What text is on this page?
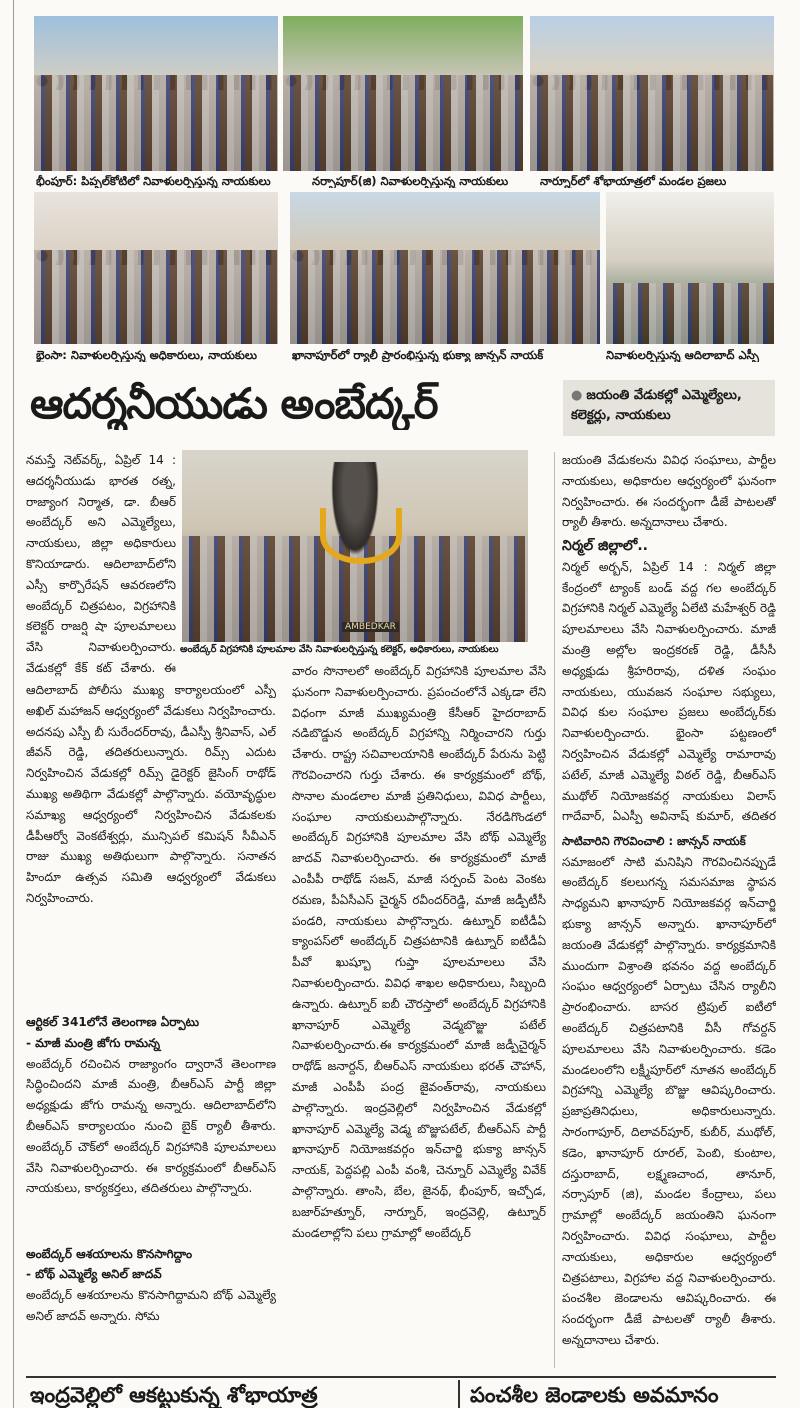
భీంపూర్‌: పిప్పల్‌కోటిలో నివాళులర్పిస్తున్న నాయకులు	నర్సాపూర్‌(జి) నివాళులర్పిస్తున్న నాయకులు	నార్నూర్‌లో శోభాయాత్రలో మండల ప్రజలు
భైంసా: నివాళులర్పిస్తున్న అధికారులు, నాయకులు	ఖానాపూర్‌లో ర్యాలీ ప్రారంభిస్తున్న భుక్యా జాన్సన్‌ నాయక్‌	నివాళులర్పిస్తున్న ఆదిలాబాద్‌ ఎస్పీ
ఆదర్శనీయుడు అంబేద్కర్‌	● జయంతి వేడుకల్లో ఎమ్మెల్యేలు,
కలెక్టర్లు, నాయకులు
AMBEDKAR
అంబేద్కర్‌ విగ్రహానికి పూలమాల వేసి నివాళులర్పిస్తున్న కలెక్టర్‌, అధికారులు, నాయకులు

నమస్తే నెట్‌వర్క్‌, ఏప్రిల్‌ 14 : ఆదర్శనీయుడు భారత రత్న, రాజ్యాంగ నిర్మాత, డా. బీఆర్‌ అంబేద్కర్‌ అని ఎమ్మెల్యేలు, నాయకులు, జిల్లా అధికారులు కొనియాడారు. ఆదిలాబాద్‌లోని ఎస్సీ కార్పొరేషన్‌ ఆవరణలోని అంబేద్కర్‌ చిత్రపటం, విగ్రహానికి కలెక్టర్‌ రాజర్షి షా పూలమాలలు వేసి నివాళులర్పించారు. వేడుకల్లో కేక్‌ కట్‌ చేశారు. ఈ

ఆదిలాబాద్‌ పోలీసు ముఖ్య కార్యాలయంలో ఎస్పీ అఖిల్‌ మహాజన్‌ ఆధ్వర్యంలో వేడుకలు నిర్వహించారు. అదనపు ఎస్పీ బీ సురేందర్‌రావు, డీఎస్పీ శ్రీనివాస్‌, ఎల్‌ జీవన్‌ రెడ్డి, తదితరులున్నారు. రిమ్స్‌ ఎదుట నిర్వహించిన వేడుకల్లో రిమ్స్‌ డైరెక్టర్‌ జైసింగ్‌ రాథోడ్‌ ముఖ్య అతిథిగా వేడుకల్లో పాల్గొన్నారు. వయోవృద్ధుల సమాఖ్య ఆధ్వర్యంలో నిర్వహించిన వేడుకలకు డీపీఆర్వో వెంకటేశ్వర్లు, మున్సిపల్‌ కమిషన్‌ సీవీఎన్‌ రాజు ముఖ్య అతిథులుగా పాల్గొన్నారు. సనాతన హిందూ ఉత్సవ సమితి ఆధ్వర్యంలో వేడుకలు నిర్వహించారు.

ఆర్టికల్‌ 341లోనే తెలంగాణ ఏర్పాటు

- మాజీ మంత్రి జోగు రామన్న

అంబేద్కర్‌ రచించిన రాజ్యాంగం ద్వారానే తెలంగాణ సిద్ధించిందని మాజీ మంత్రి, బీఆర్‌ఎస్‌ పార్టీ జిల్లా అధ్యక్షుడు జోగు రామన్న అన్నారు. ఆదిలాబాద్‌లోని బీఆర్‌ఎస్‌ కార్యాలయం నుంచి బైక్‌ ర్యాలీ తీశారు. అంబేద్కర్‌ చౌక్‌లో అంబేద్కర్‌ విగ్రహానికి పూలమాలలు వేసి నివాళులర్పించారు. ఈ కార్యక్రమంలో బీఆర్‌ఎస్‌ నాయకులు, కార్యకర్తలు, తదితరులు పాల్గొన్నారు.

అంబేద్కర్‌ ఆశయాలను కొనసాగిద్దాం

- బోథ్‌ ఎమ్మెల్యే అనిల్‌ జాదవ్‌

అంబేద్కర్‌ ఆశయాలను కొనసాగిద్దామని బోథ్‌ ఎమ్మెల్యే అనిల్‌ జాదవ్‌ అన్నారు. సోమ

వారం సొనాలలో అంబేద్కర్‌ విగ్రహానికి పూలమాల వేసి ఘనంగా నివాళులర్పించారు. ప్రపంచంలోనే ఎక్కడా లేని విధంగా మాజీ ముఖ్యమంత్రి కేసీఆర్‌ హైదరాబాద్‌ నడిబొడ్డున అంబేద్కర్‌ విగ్రహాన్ని నిర్మించారని గుర్తు చేశారు. రాష్ట్ర సచివాలయానికి అంబేద్కర్‌ పేరును పెట్టి గౌరవించారని గుర్తు చేశారు. ఈ కార్యక్రమంలో బోథ్‌, సొనాల మండలాల మాజీ ప్రతినిధులు, వివిధ పార్టీలు, సంఘాల నాయకులుపాల్గొన్నారు. నేరడిగొండలో అంబేద్కర్‌ విగ్రహానికి పూలమాల వేసి బోథ్‌ ఎమ్మెల్యే జాదవ్‌ నివాళులర్పించారు. ఈ కార్యక్రమంలో మాజీ ఎంపీపీ రాథోడ్‌ సజన్‌, మాజీ సర్పంచ్‌ పెంట వెంకట రమణ, పీఏసీఎస్‌ చైర్మన్‌ రవీందర్‌రెడ్డి, మాజీ జడ్పీటీసీ పండరి, నాయకులు పాల్గొన్నారు. ఉట్నూర్‌ ఐటీడీఏ క్యాంపస్‌లో అంబేద్కర్‌ చిత్రపటానికి ఉట్నూర్‌ ఐటీడీఏ పీవో ఖుష్బూ గుప్తా పూలమాలలు వేసి నివాళులర్పించారు. వివిధ శాఖల అధికారులు, సిబ్బంది ఉన్నారు. ఉట్నూర్‌ ఐబీ చౌరస్తాలో అంబేద్కర్‌ విగ్రహానికి ఖానాపూర్‌ ఎమ్మెల్యే వెడ్మబొజ్జు పటేల్‌ నివాళులర్పించారు.ఈ కార్యక్రమంలో మాజీ జడ్పీచైర్మన్‌ రాథోడ్‌ జనార్దన్‌, బీఆర్‌ఎస్‌ నాయకులు భరత్‌ చౌహాన్‌, మాజీ ఎంపీపీ పంద్ర జైవంత్‌రావు, నాయకులు పాల్గొన్నారు. ఇంద్రవెల్లిలో నిర్వహించిన వేడుకల్లో ఖానాపూర్‌ ఎమ్మెల్యే వెడ్మ బొజ్జుపటేల్‌, బీఆర్‌ఎస్‌ పార్టీ ఖానాపూర్‌ నియోజకవర్గం ఇన్‌చార్జి భుక్యా జాన్సన్‌ నాయక్‌, పెద్దపల్లి ఎంపీ వంశీ, చెన్నూర్‌ ఎమ్మెల్యే వివేక్‌ పాల్గొన్నారు. తాంసి, బేల, జైనథ్‌, భీంపూర్‌, ఇచ్చోడ, బజార్‌హత్నూర్‌, నార్నూర్‌, ఇంద్రవెల్లి, ఉట్నూర్‌ మండలాల్లోని పలు గ్రామాల్లో అంబేద్కర్‌

జయంతి వేడుకలను వివిధ సంఘాలు, పార్టీల నాయకులు, అధికారుల ఆధ్వర్యంలో ఘనంగా నిర్వహించారు. ఈ సందర్భంగా డీజే పాటలతో ర్యాలీ తీశారు. అన్నదానాలు చేశారు.

నిర్మల్‌ జిల్లాలో..

నిర్మల్‌ అర్బన్‌, ఏప్రిల్‌ 14 : నిర్మల్‌ జిల్లా కేంద్రంలో ట్యాంక్‌ బండ్‌ వద్ద గల అంబేద్కర్‌ విగ్రహానికి నిర్మల్‌ ఎమ్మెల్యే ఏలేటి మహేశ్వర్‌ రెడ్డి పూలమాలలు వేసి నివాళులర్పించారు. మాజీ మంత్రి అల్లోల ఇంద్రకరణ్‌ రెడ్డి, డీసీసీ అధ్యక్షుడు శ్రీహరిరావు, దళిత సంఘం నాయకులు, యువజన సంఘాల సభ్యులు, వివిధ కుల సంఘాల ప్రజలు అంబేద్కర్‌కు నివాళులర్పించారు. భైంసా పట్టణంలో నిర్వహించిన వేడుకల్లో ఎమ్మెల్యే రామారావు పటేల్‌, మాజీ ఎమ్మెల్యే విఠల్‌ రెడ్డి, బీఆర్‌ఎస్‌ ముథోల్‌ నియోజకవర్గ నాయకులు విలాస్‌ గాదేవార్‌, ఏఎస్పీ అవినాష్‌ కుమార్‌, తదితర

సాటివారిని గౌరవించాలి : జాన్సన్‌ నాయక్‌

సమాజంలో సాటి మనిషిని గౌరవించినప్పుడే అంబేద్కర్‌ కలలుగన్న సమసమాజ స్థాపన సాధ్యమని ఖానాపూర్‌ నియోజకవర్గ ఇన్‌చార్జి భుక్యా జాన్సన్‌ అన్నారు. ఖానాపూర్‌లో జయంతి వేడుకల్లో పాల్గొన్నారు. కార్యక్రమానికి ముందుగా విశ్రాంతి భవనం వద్ద అంబేద్కర్‌ సంఘం ఆధ్వర్యంలో ఏర్పాటు చేసిన ర్యాలీని ప్రారంభించారు. బాసర ట్రిపుల్‌ ఐటీలో అంబేద్కర్‌ చిత్రపటానికి వీసీ గోవర్దన్‌ పూలమాలలు వేసి నివాళులర్పించారు. కడెం మండలంలోని లక్ష్మీపూర్‌లో నూతన అంబేద్కర్‌ విగ్రహాన్ని ఎమ్మెల్యే బొజ్జు ఆవిష్కరించారు. ప్రజాప్రతినిధులు, అధికారులున్నారు. సారంగాపూర్‌, దిలావర్‌పూర్‌, కుబీర్‌, ముథోల్‌, కడెం, ఖానాపూర్‌ రూరల్‌, పెంబి, కుంటాల, దస్తురాబాద్‌, లక్ష్మణచాంద, తానూర్‌, నర్సాపూర్‌ (జి), మండల కేంద్రాలు, పలు గ్రామాల్లో అంబేద్కర్‌ జయంతిని ఘనంగా నిర్వహించారు. వివిధ సంఘాలు, పార్టీల నాయకులు, అధికారుల ఆధ్వర్యంలో చిత్రపటాలు, విగ్రహాల వద్ద నివాళులర్పించారు. పంచశీల జెండాలను ఆవిష్కరించారు. ఈ సందర్భంగా డీజే పాటలతో ర్యాలీ తీశారు. అన్నదానాలు చేశారు.

ఇంద్రవెల్లిలో ఆకట్టుకున్న శోభాయాత్ర	పంచశీల జెండాలకు అవమానం
